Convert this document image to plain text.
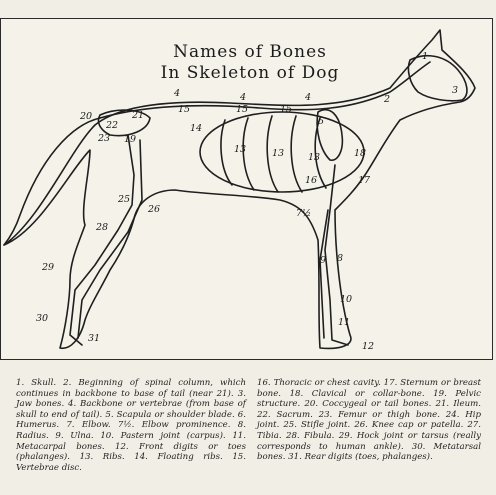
Names of Bones
In Skeleton of Dog
1
2
3
4	4	4
5
14
15	15	15
13	13	13
16	17
18
20	21
22
23 19
25
26
28
29
30
31
7½
9 8
10
11
12

1. Skull. 2. Beginning of spinal column, which continues in backbone to base of tail (near 21). 3. Jaw bones. 4. Backbone or vertebrae (from base of skull to end of tail). 5. Scapula or shoulder blade. 6. Humerus. 7. Elbow. 7½. Elbow prominence. 8. Radius. 9. Ulna. 10. Pastern joint (carpus). 11. Metacarpal bones. 12. Front digits or toes (phalanges). 13. Ribs. 14. Floating ribs. 15. Vertebrae disc.

16. Thoracic or chest cavity. 17. Sternum or breast bone. 18. Clavical or collar-bone. 19. Pelvic structure. 20. Coccygeal or tail bones. 21. Ileum. 22. Sacrum. 23. Femur or thigh bone. 24. Hip joint. 25. Stifle joint. 26. Knee cap or patella. 27. Tibia. 28. Fibula. 29. Hock joint or tarsus (really corresponds to human ankle). 30. Metatarsal bones. 31. Rear digits (toes, phalanges).
